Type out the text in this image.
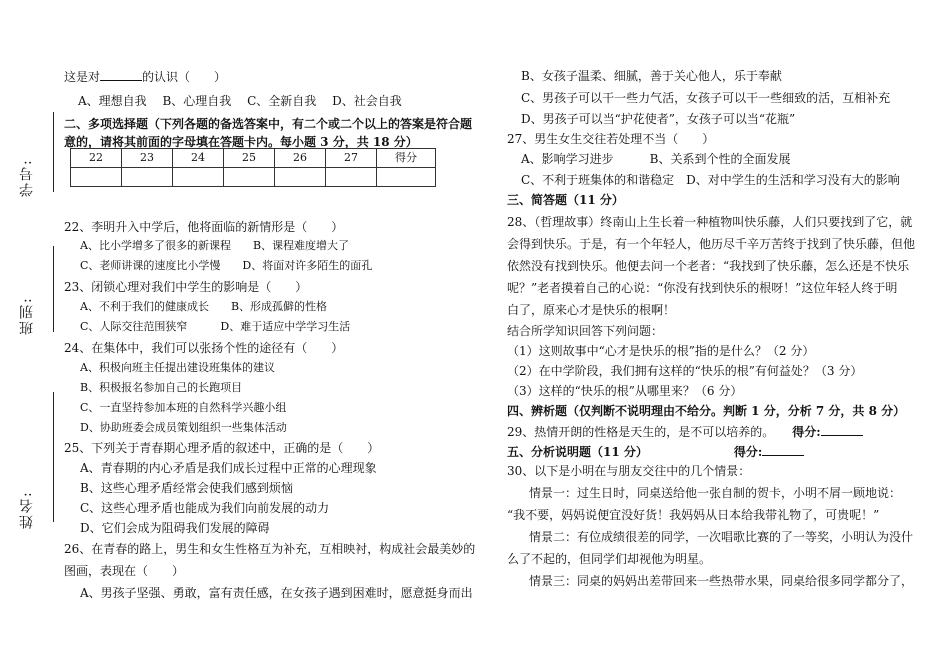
学号:
班别:
姓名:
这是对	的认识（　　）
A、理想自我　 B、心理自我　 C、全新自我　 D、社会自我
二、多项选择题（下列各题的备选答案中，有二个或二个以上的答案是符合题
意的，请将其前面的字母填在答题卡内。每小题 3 分，共 18 分）
22	23	24	25	26	27	得分

22、李明升入中学后，他将面临的新情形是（　　）
A、比小学增多了很多的新课程　　B、课程难度增大了
C、老师讲课的速度比小学慢　　D、将面对许多陌生的面孔
23、闭锁心理对我们中学生的影响是（　　）
A、不利于我们的健康成长　　B、形成孤僻的性格
C、人际交往范围狭窄　　　D、难于适应中学学习生活
24、在集体中，我们可以张扬个性的途径有（　　）
A、积极向班主任提出建设班集体的建议
B、积极报名参加自己的长跑项目
C、一直坚持参加本班的自然科学兴趣小组
D、协助班委会成员策划组织一些集体活动
25、下列关于青春期心理矛盾的叙述中，正确的是（　　）
A、青春期的内心矛盾是我们成长过程中正常的心理现象
B、这些心理矛盾经常会使我们感到烦恼
C、这些心理矛盾也能成为我们向前发展的动力
D、它们会成为阻碍我们发展的障碍
26、在青春的路上，男生和女生性格互为补充，互相映衬，构成社会最美妙的
图画，表现在（　　）
A、男孩子坚强、勇敢，富有责任感，在女孩子遇到困难时，愿意挺身而出
B、女孩子温柔、细腻，善于关心他人，乐于奉献
C、男孩子可以干一些力气活，女孩子可以干一些细致的活，互相补充
D、男孩子可以当“护花使者”，女孩子可以当“花瓶”
27、男生女生交往若处理不当（　　）
A、影响学习进步　　　B、关系到个性的全面发展
C、不利于班集体的和谐稳定　D、对中学生的生活和学习没有大的影响
三、简答题（11 分）
28、（哲理故事）终南山上生长着一种植物叫快乐藤，人们只要找到了它，就
会得到快乐。于是，有一个年轻人，他历尽千辛万苦终于找到了快乐藤，但他
依然没有找到快乐。他便去问一个老者：“我找到了快乐藤，怎么还是不快乐
呢？”老者摸着自己的心说：“你没有找到快乐的根呀！”这位年轻人终于明
白了，原来心才是快乐的根啊！
结合所学知识回答下列问题：
（1）这则故事中“心才是快乐的根”指的是什么？（2 分）
（2）在中学阶段，我们拥有这样的“快乐的根”有何益处？（3 分）
（3）这样的“快乐的根”从哪里来？（6 分）
四、辨析题（仅判断不说明理由不给分。判断 1 分，分析 7 分，共 8 分）
29、热情开朗的性格是天生的，是不可以培养的。 得分:
五、分析说明题（11 分）	得分:
30、以下是小明在与朋友交往中的几个情景：
情景一：过生日时，同桌送给他一张自制的贺卡，小明不屑一顾地说：
“我不要，妈妈说便宜没好货！我妈妈从日本给我带礼物了，可贵呢！”
情景二：有位成绩很差的同学，一次唱歌比赛的了一等奖，小明认为没什
么了不起的，但同学们却视他为明星。
情景三：同桌的妈妈出差带回来一些热带水果，同桌给很多同学都分了，
